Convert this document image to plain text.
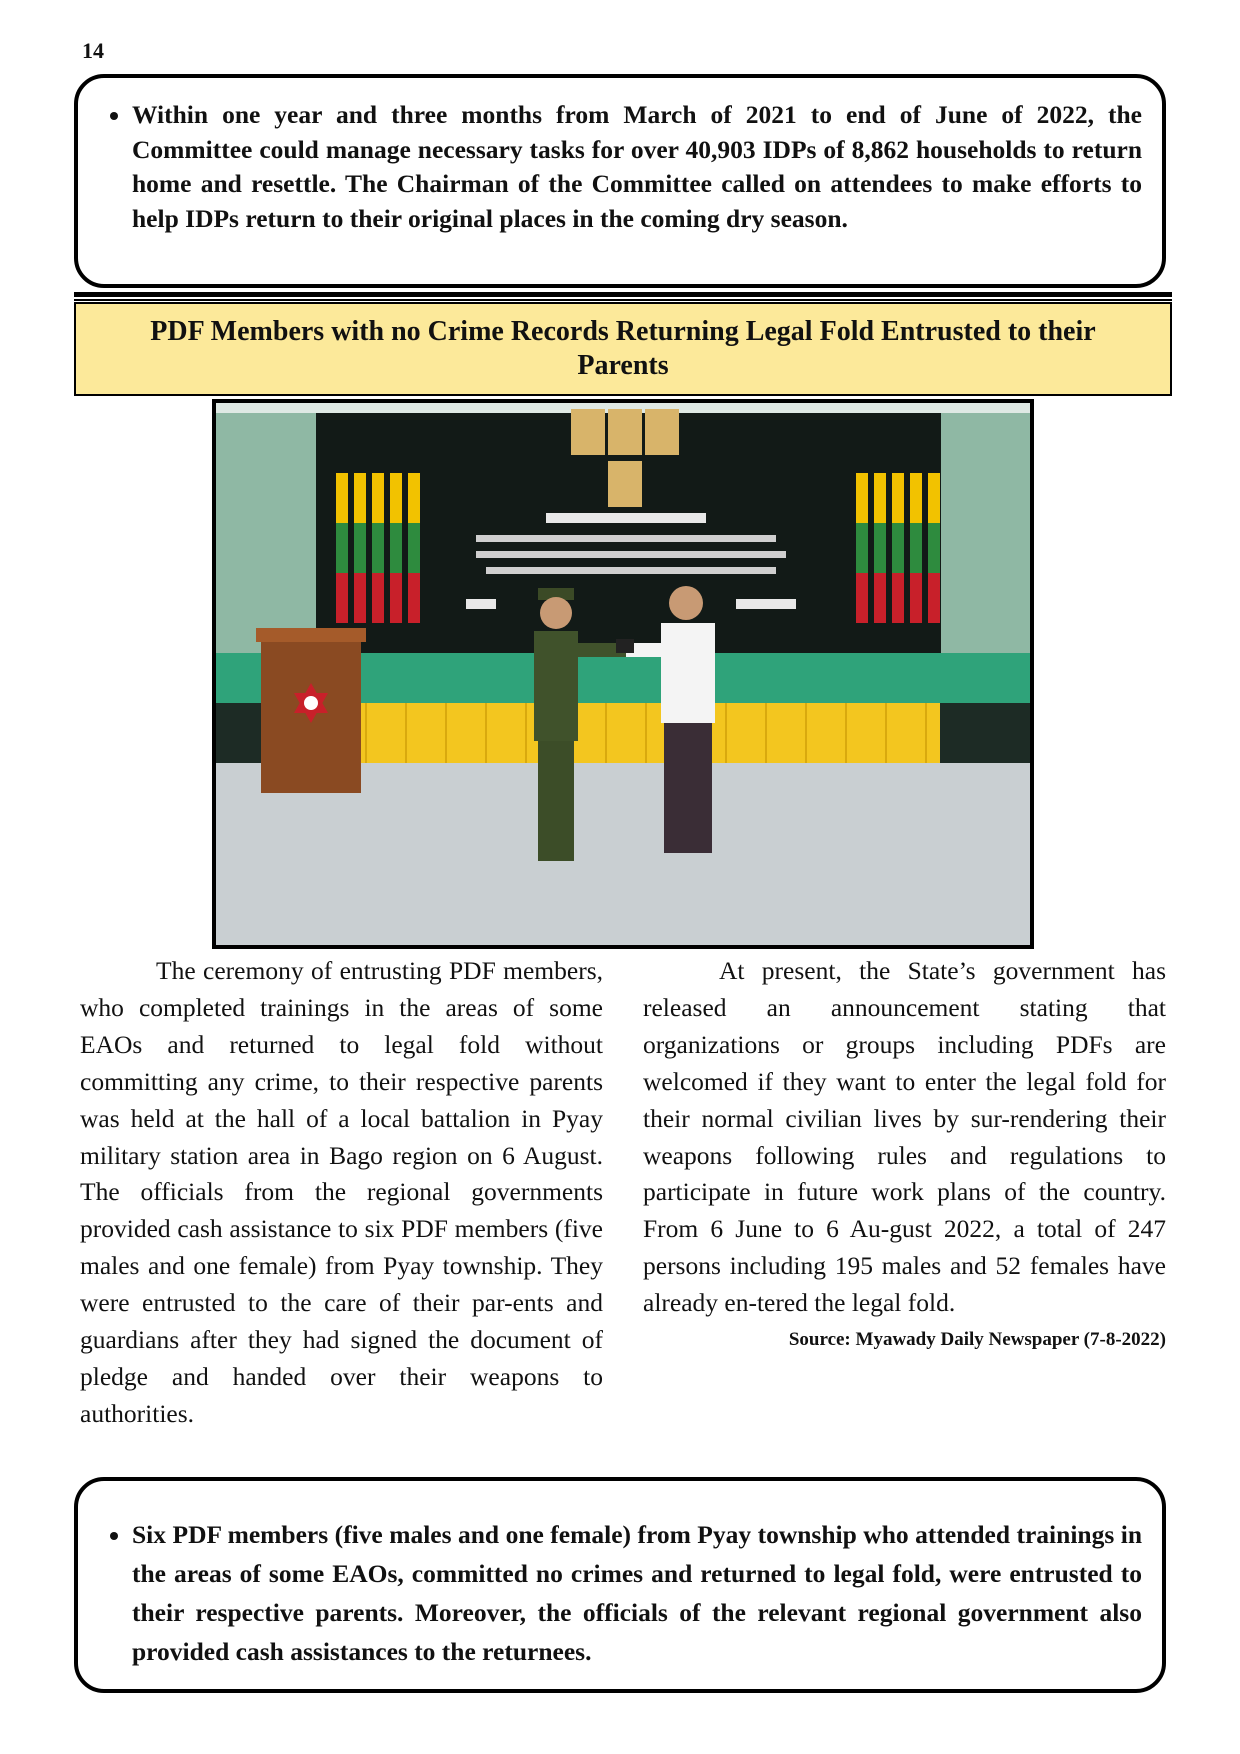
14
• Within one year and three months from March of 2021 to end of June of 2022, the Committee could manage necessary tasks for over 40,903 IDPs of 8,862 households to return home and resettle. The Chairman of the Committee called on attendees to make efforts to help IDPs return to their original places in the coming dry season.
PDF Members with no Crime Records Returning Legal Fold Entrusted to their Parents

The ceremony of entrusting PDF members, who completed trainings in the areas of some EAOs and returned to legal fold without committing any crime, to their respective parents was held at the hall of a local battalion in Pyay military station area in Bago region on 6 August. The officials from the regional governments provided cash assistance to six PDF members (five males and one female) from Pyay township. They were entrusted to the care of their par-ents and guardians after they had signed the document of pledge and handed over their weapons to authorities.

At present, the State’s government has released an announcement stating that organizations or groups including PDFs are welcomed if they want to enter the legal fold for their normal civilian lives by sur-rendering their weapons following rules and regulations to participate in future work plans of the country. From 6 June to 6 Au-gust 2022, a total of 247 persons including 195 males and 52 females have already en-tered the legal fold.

Source: Myawady Daily Newspaper (7-8-2022)

• Six PDF members (five males and one female) from Pyay township who attended trainings in the areas of some EAOs, committed no crimes and returned to legal fold, were entrusted to their respective parents. Moreover, the officials of the relevant regional government also provided cash assistances to the returnees.
